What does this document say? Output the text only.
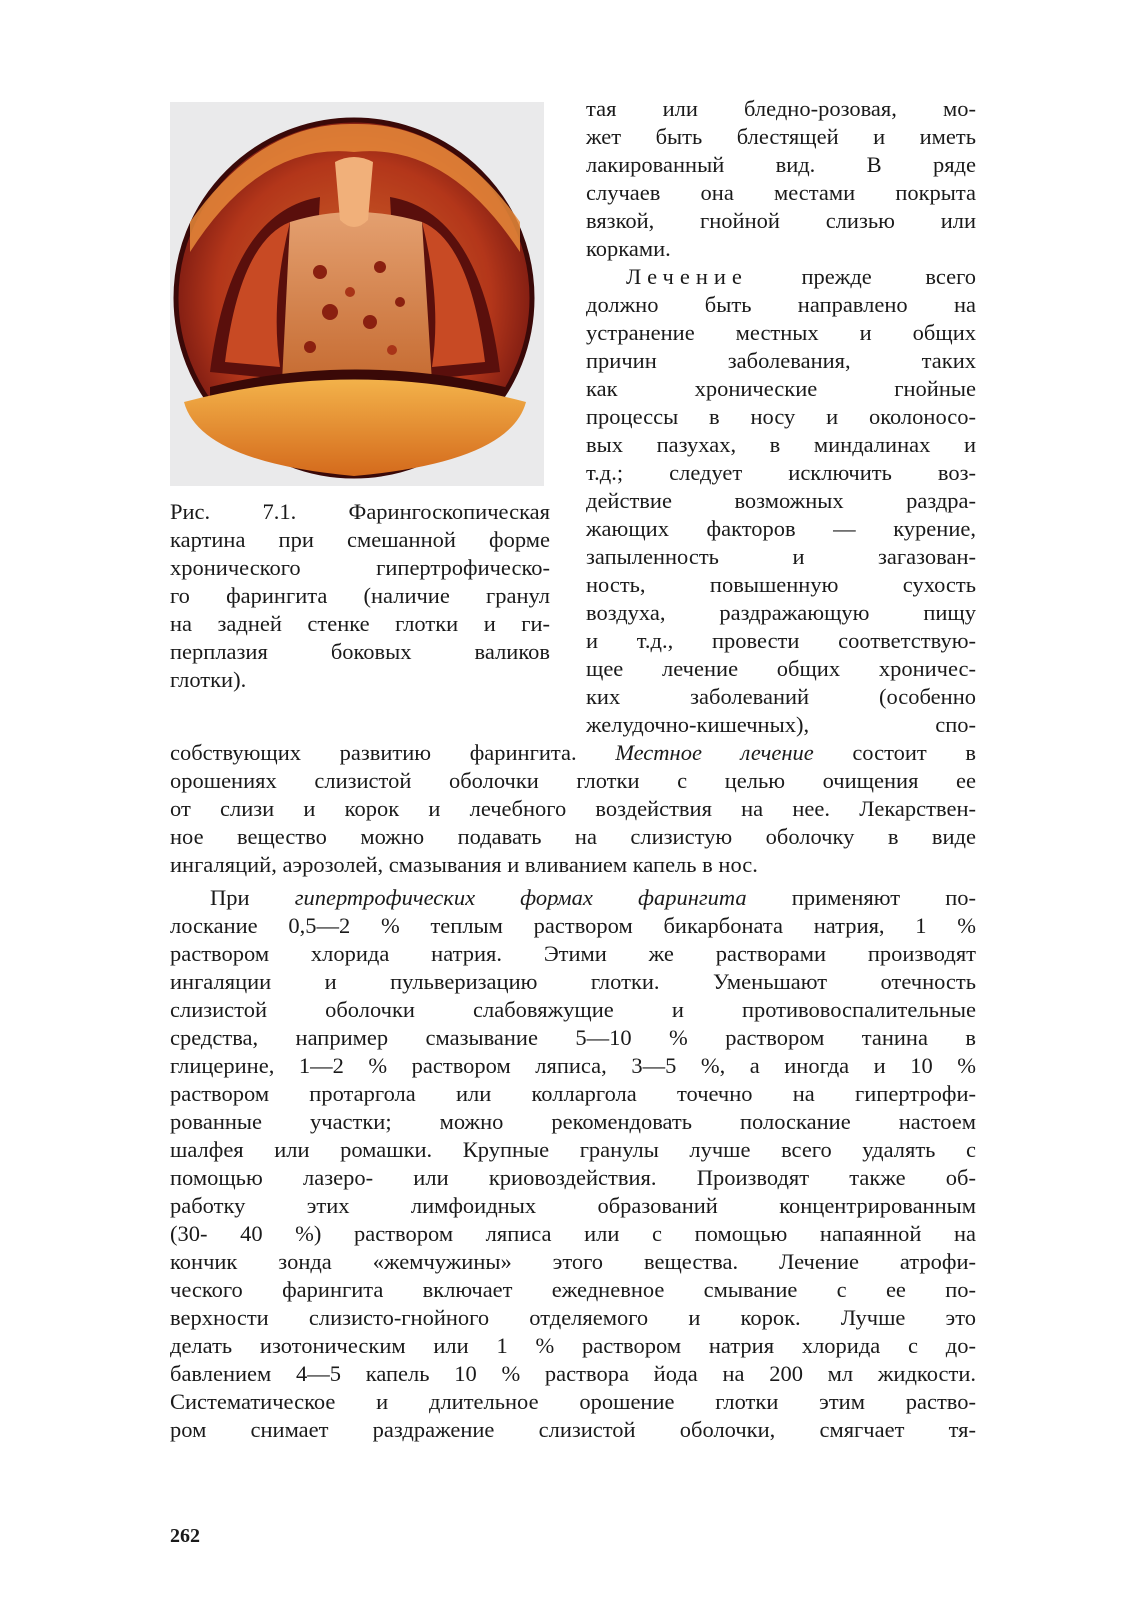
Рис. 7.1. Фарингоскопическая
картина при смешанной форме
хронического гипертрофическо-
го фарингита (наличие гранул
на задней стенке глотки и ги-
перплазия боковых валиков
глотки).
тая или бледно-розовая, мо-
жет быть блестящей и иметь
лакированный вид. В ряде
случаев она местами покрыта
вязкой, гнойной слизью или
корками.
Лечение прежде всего
должно быть направлено на
устранение местных и общих
причин заболевания, таких
как хронические гнойные
процессы в носу и околоносо-
вых пазухах, в миндалинах и
т.д.; следует исключить воз-
действие возможных раздра-
жающих факторов — курение,
запыленность и загазован-
ность, повышенную сухость
воздуха, раздражающую пищу
и т.д., провести соответствую-
щее лечение общих хроничес-
ких заболеваний (особенно
желудочно-кишечных), спо-
собствующих развитию фарингита. Местное лечение состоит в
орошениях слизистой оболочки глотки с целью очищения ее
от слизи и корок и лечебного воздействия на нее. Лекарствен-
ное вещество можно подавать на слизистую оболочку в виде
ингаляций, аэрозолей, смазывания и вливанием капель в нос.
При гипертрофических формах фарингита применяют по-
лоскание 0,5—2 % теплым раствором бикарбоната натрия, 1 %
раствором хлорида натрия. Этими же растворами производят
ингаляции и пульверизацию глотки. Уменьшают отечность
слизистой оболочки слабовяжущие и противовоспалительные
средства, например смазывание 5—10 % раствором танина в
глицерине, 1—2 % раствором ляписа, 3—5 %, а иногда и 10 %
раствором протаргола или колларгола точечно на гипертрофи-
рованные участки; можно рекомендовать полоскание настоем
шалфея или ромашки. Крупные гранулы лучше всего удалять с
помощью лазеро- или криовоздействия. Производят также об-
работку этих лимфоидных образований концентрированным
(30- 40 %) раствором ляписа или с помощью напаянной на
кончик зонда «жемчужины» этого вещества. Лечение атрофи-
ческого фарингита включает ежедневное смывание с ее по-
верхности слизисто-гнойного отделяемого и корок. Лучше это
делать изотоническим или 1 % раствором натрия хлорида с до-
бавлением 4—5 капель 10 % раствора йода на 200 мл жидкости.
Систематическое и длительное орошение глотки этим раство-
ром снимает раздражение слизистой оболочки, смягчает тя-
262
